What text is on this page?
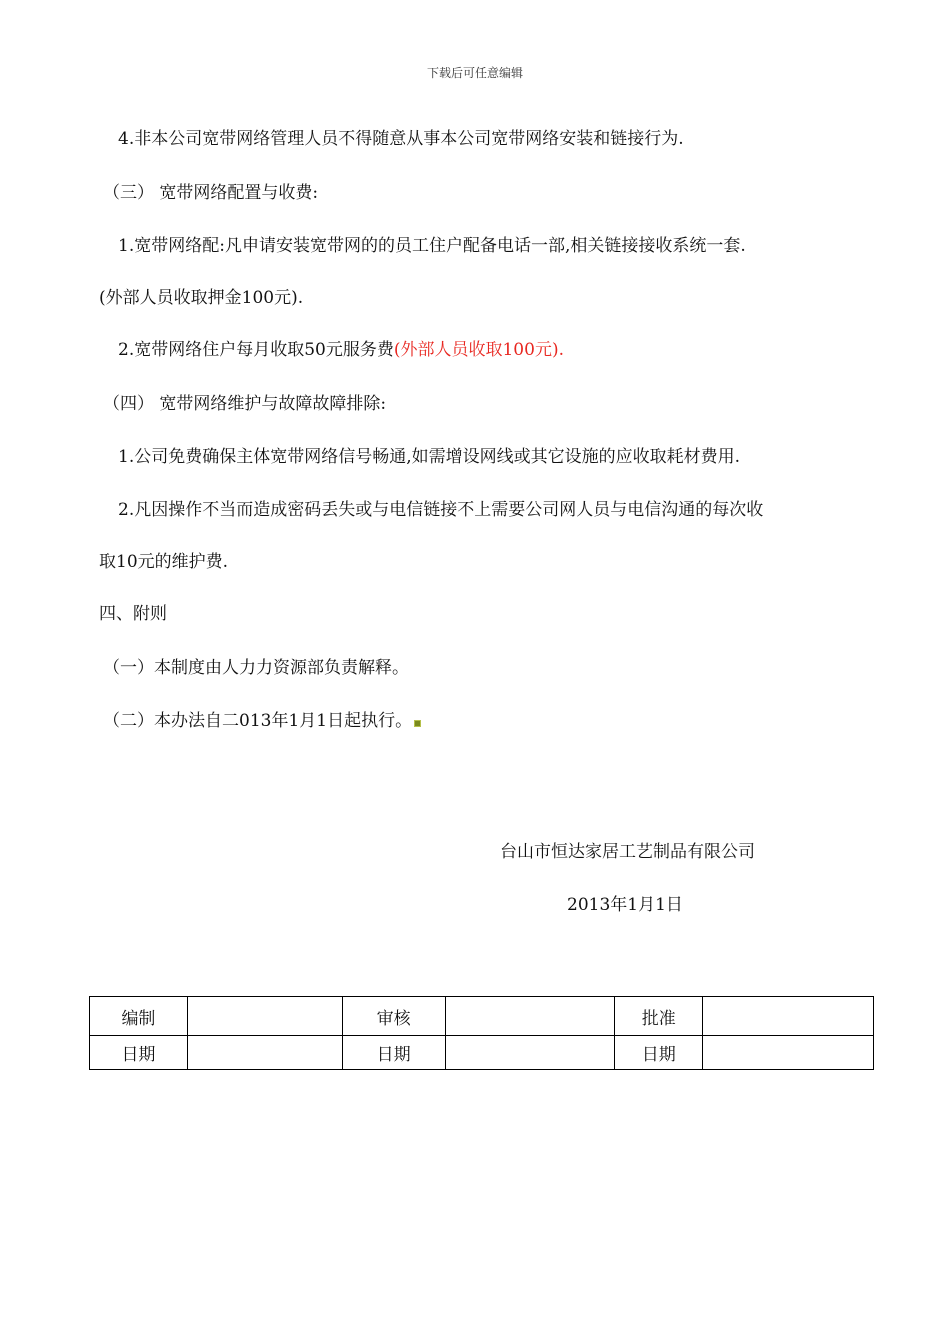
下载后可任意编辑
4.非本公司宽带网络管理人员不得随意从事本公司宽带网络安装和链接行为.
（三） 宽带网络配置与收费:
1.宽带网络配:凡申请安装宽带网的的员工住户配备电话一部,相关链接接收系统一套.
(外部人员收取押金100元).
2.宽带网络住户每月收取50元服务费(外部人员收取100元).
（四） 宽带网络维护与故障故障排除:
1.公司免费确保主体宽带网络信号畅通,如需增设网线或其它设施的应收取耗材费用.
2.凡因操作不当而造成密码丢失或与电信链接不上需要公司网人员与电信沟通的每次收
取10元的维护费.
四、附则
（一）本制度由人力力资源部负责解释。
（二）本办法自二013年1月1日起执行。
台山市恒达家居工艺制品有限公司
2013年1月1日
编制		审核		批准	
日期		日期		日期	
